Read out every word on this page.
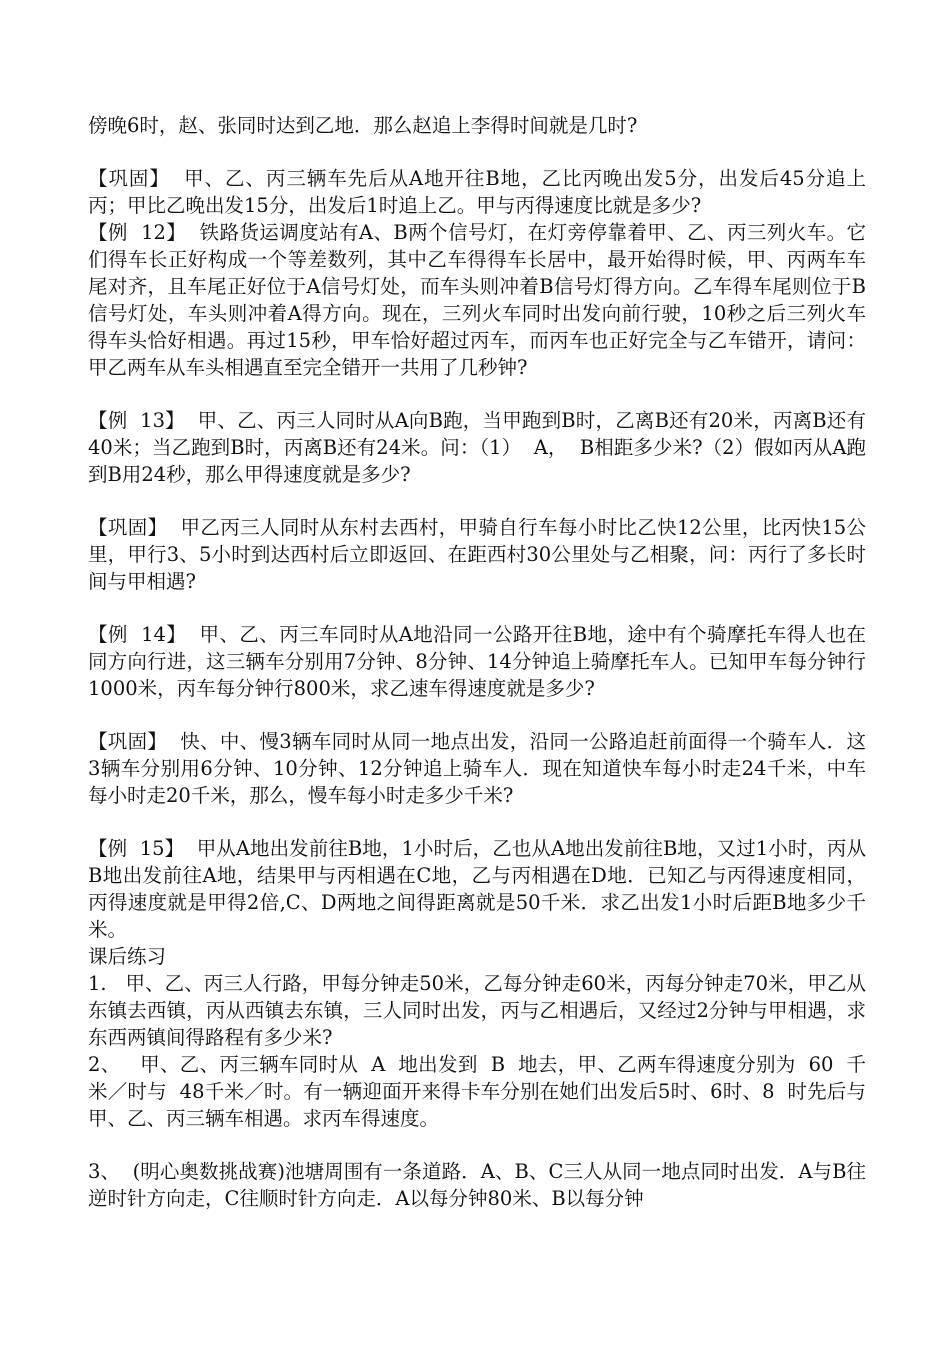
傍晚6时，赵、张同时达到乙地．那么赵追上李得时间就是几时?

【巩固】  甲、乙、丙三辆车先后从A地开往B地，乙比丙晚出发5分，出发后45分追上丙；甲比乙晚出发15分，出发后1时追上乙。甲与丙得速度比就是多少?

【例  12】  铁路货运调度站有A、B两个信号灯，在灯旁停靠着甲、乙、丙三列火车。它们得车长正好构成一个等差数列，其中乙车得得车长居中，最开始得时候，甲、丙两车车尾对齐，且车尾正好位于A信号灯处，而车头则冲着B信号灯得方向。乙车得车尾则位于B信号灯处，车头则冲着A得方向。现在，三列火车同时出发向前行驶，10秒之后三列火车得车头恰好相遇。再过15秒，甲车恰好超过丙车，而丙车也正好完全与乙车错开，请问：甲乙两车从车头相遇直至完全错开一共用了几秒钟?

【例  13】  甲、乙、丙三人同时从A向B跑，当甲跑到B时，乙离B还有20米，丙离B还有40米；当乙跑到B时，丙离B还有24米。问：（1）  A，  B相距多少米?（2）假如丙从A跑到B用24秒，那么甲得速度就是多少?

【巩固】  甲乙丙三人同时从东村去西村，甲骑自行车每小时比乙快12公里，比丙快15公里，甲行3、5小时到达西村后立即返回、在距西村30公里处与乙相聚，问：丙行了多长时间与甲相遇?

【例  14】  甲、乙、丙三车同时从A地沿同一公路开往B地，途中有个骑摩托车得人也在同方向行进，这三辆车分别用7分钟、8分钟、14分钟追上骑摩托车人。已知甲车每分钟行1000米，丙车每分钟行800米，求乙速车得速度就是多少?

【巩固】  快、中、慢3辆车同时从同一地点出发，沿同一公路追赶前面得一个骑车人．这3辆车分别用6分钟、10分钟、12分钟追上骑车人．现在知道快车每小时走24千米，中车每小时走20千米，那么，慢车每小时走多少千米?

【例  15】  甲从A地出发前往B地，1小时后，乙也从A地出发前往B地，又过1小时，丙从B地出发前往A地，结果甲与丙相遇在C地，乙与丙相遇在D地．已知乙与丙得速度相同，丙得速度就是甲得2倍,C、D两地之间得距离就是50千米．求乙出发1小时后距B地多少千米。

课后练习

1.   甲、乙、丙三人行路，甲每分钟走50米，乙每分钟走60米，丙每分钟走70米，甲乙从东镇去西镇，丙从西镇去东镇，三人同时出发，丙与乙相遇后，又经过2分钟与甲相遇，求东西两镇间得路程有多少米?

2、   甲、乙、丙三辆车同时从  A  地出发到  B  地去，甲、乙两车得速度分别为  60  千米／时与  48千米／时。有一辆迎面开来得卡车分别在她们出发后5时、6时、8  时先后与甲、乙、丙三辆车相遇。求丙车得速度。

3、  (明心奥数挑战赛)池塘周围有一条道路．A、B、C三人从同一地点同时出发．A与B往逆时针方向走，C往顺时针方向走．A以每分钟80米、B以每分钟
